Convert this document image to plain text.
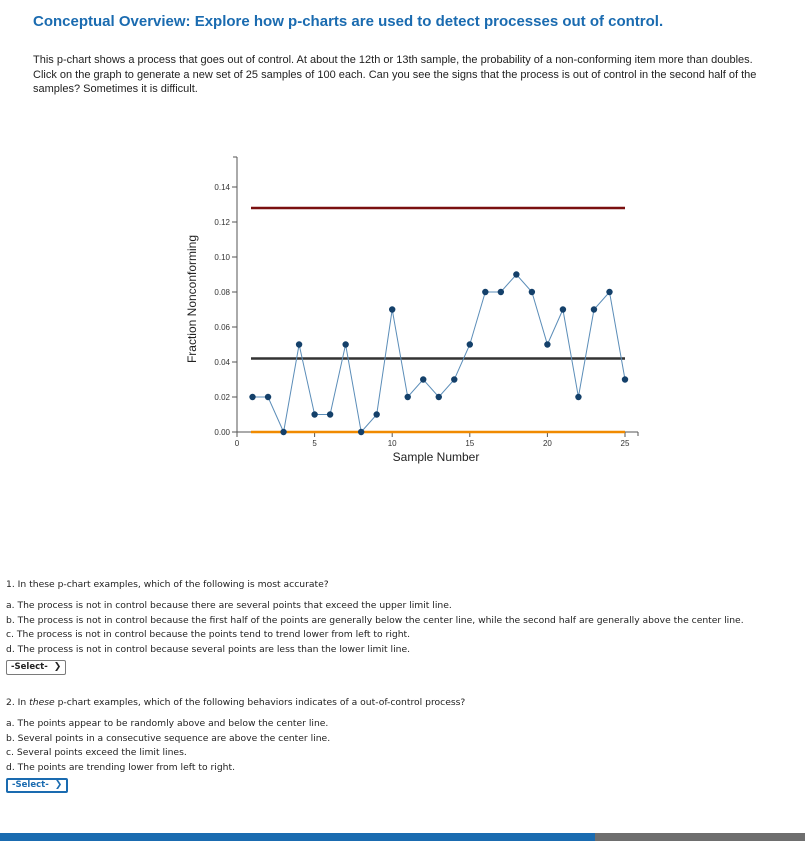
Conceptual Overview: Explore how p-charts are used to detect processes out of control.

This p-chart shows a process that goes out of control. At about the 12th or 13th sample, the probability of a non-conforming item more than doubles. Click on the graph to generate a new set of 25 samples of 100 each. Can you see the signs that the process is out of control in the second half of the samples? Sometimes it is difficult.

0.00
0.02
0.04
0.06
0.08
0.10
0.12
0.14
0	5	10	15	20	25
Sample Number
Fraction Nonconforming

1. In these p-chart examples, which of the following is most accurate?

a. The process is not in control because there are several points that exceed the upper limit line.

b. The process is not in control because the first half of the points are generally below the center line, while the second half are generally above the center line.

c. The process is not in control because the points tend to trend lower from left to right.

d. The process is not in control because several points are less than the lower limit line.

-Select- ❯

2. In these p-chart examples, which of the following behaviors indicates of a out-of-control process?

a. The points appear to be randomly above and below the center line.

b. Several points in a consecutive sequence are above the center line.

c. Several points exceed the limit lines.

d. The points are trending lower from left to right.

-Select- ❯
